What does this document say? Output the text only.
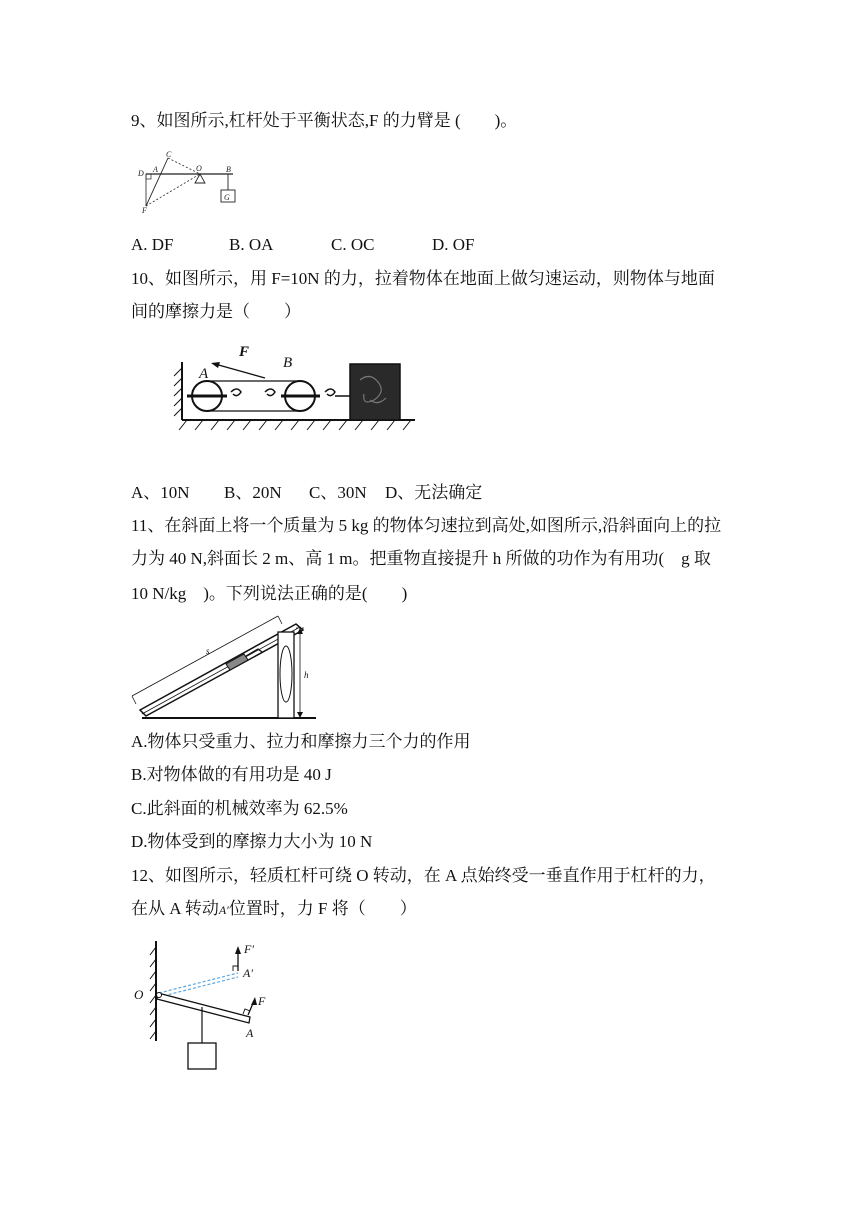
9、如图所示,杠杆处于平衡状态,F 的力臂是 (　　)。
C
D A	O	B
F
G
A. DF	B. OA	C. OC	D. OF
10、如图所示，用 F=10N 的力，拉着物体在地面上做匀速运动，则物体与地面
间的摩擦力是（　　）
F
A
B
A、10N B、20N C、30N D、无法确定
11、在斜面上将一个质量为 5 kg 的物体匀速拉到高处,如图所示,沿斜面向上的拉
力为 40 N,斜面长 2 m、高 1 m。把重物直接提升 h 所做的功作为有用功(　g 取
10 N/kg　)。下列说法正确的是(　　)
s
h
A.物体只受重力、拉力和摩擦力三个力的作用
B.对物体做的有用功是 40 J
C.此斜面的机械效率为 62.5%
D.物体受到的摩擦力大小为 10 N
12、如图所示，轻质杠杆可绕 O 转动，在 A 点始终受一垂直作用于杠杆的力，
在从 A 转动A′位置时，力 F 将（　　）
O
A
A′
F
F′
